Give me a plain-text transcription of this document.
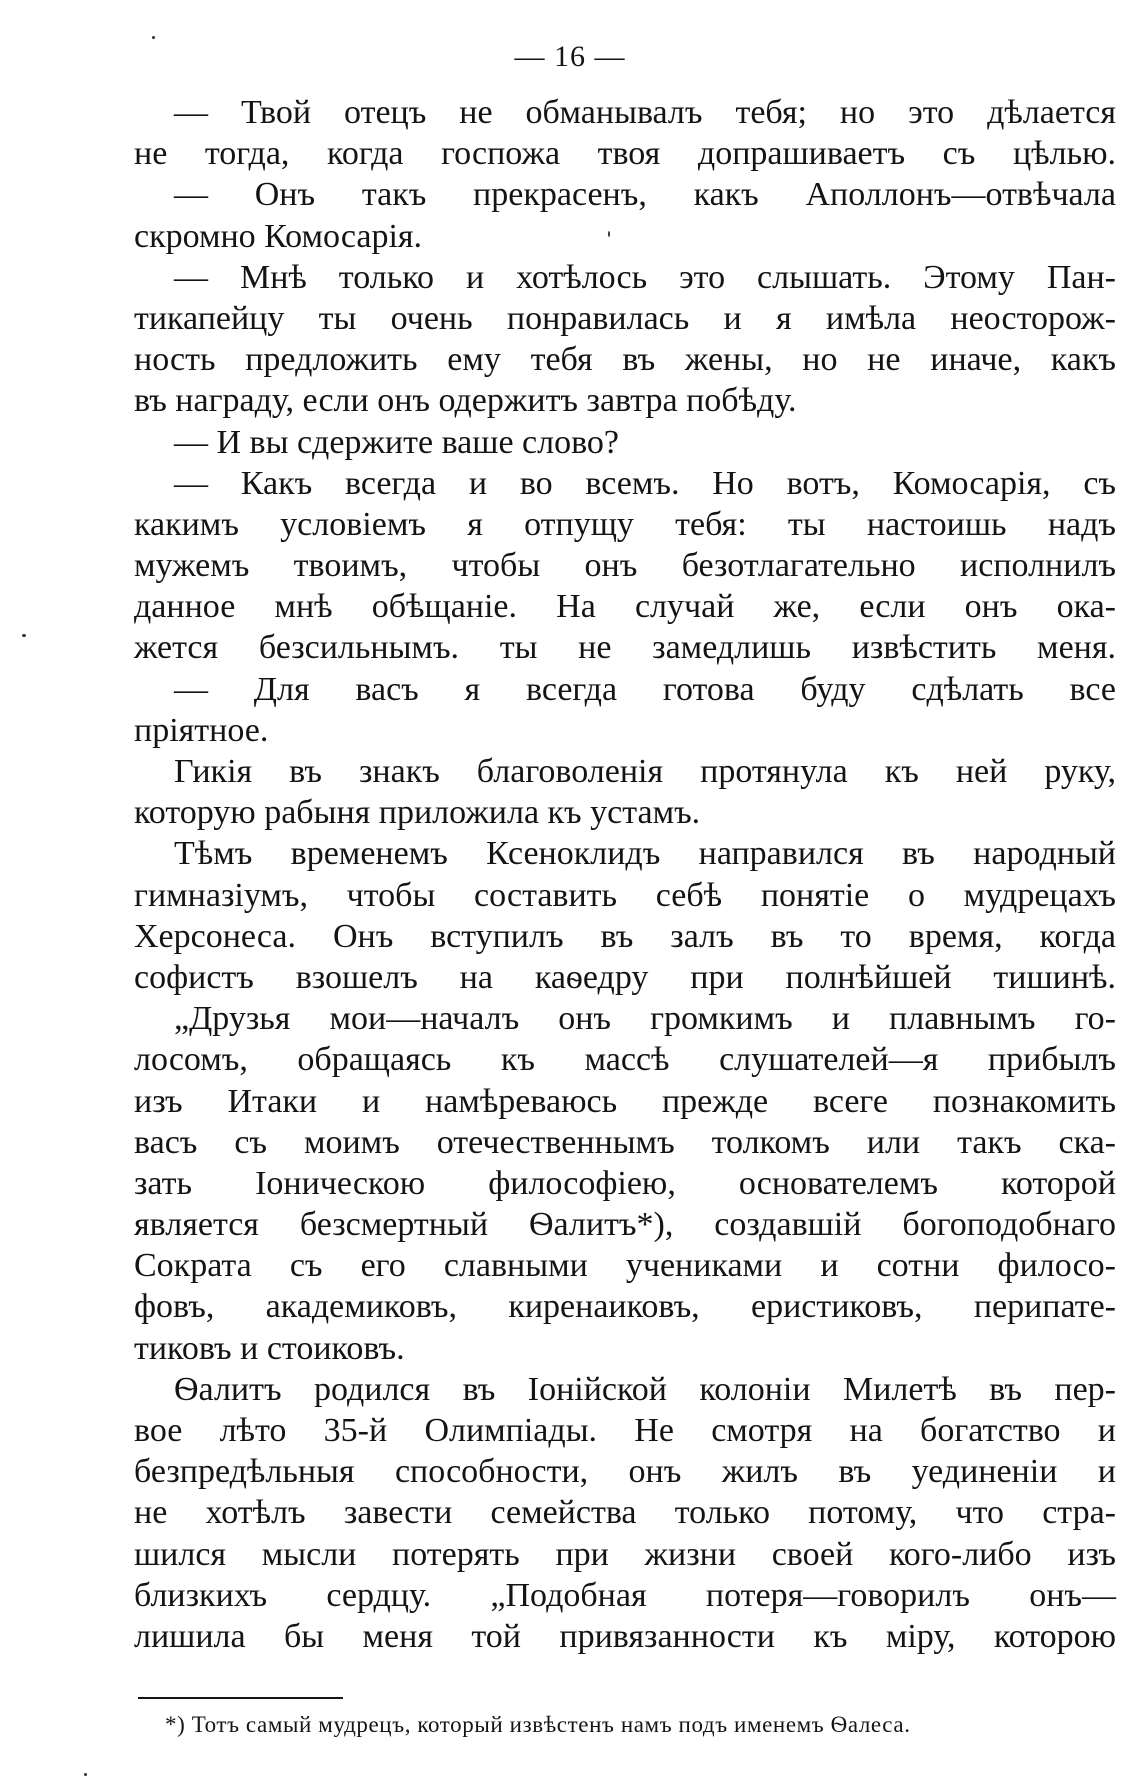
— 16 —
— Твой отецъ не обманывалъ тебя; но это дѣлается
не тогда, когда госпожа твоя допрашиваетъ съ цѣлью.
— Онъ такъ прекрасенъ, какъ Аполлонъ—отвѣчала
скромно Комосарія.
— Мнѣ только и хотѣлось это слышать. Этому Пан-
тикапейцу ты очень понравилась и я имѣла неосторож-
ность предложить ему тебя въ жены, но не иначе, какъ
въ награду, если онъ одержитъ завтра побѣду.
— И вы сдержите ваше слово?
— Какъ всегда и во всемъ. Но вотъ, Комосарія, съ
какимъ условіемъ я отпущу тебя: ты настоишь надъ
мужемъ твоимъ, чтобы онъ безотлагательно исполнилъ
данное мнѣ обѣщаніе. На случай же, если онъ ока-
жется безсильнымъ. ты не замедлишь извѣстить меня.
— Для васъ я всегда готова буду сдѣлать все
пріятное.
Гикія въ знакъ благоволенія протянула къ ней руку,
которую рабыня приложила къ устамъ.
Тѣмъ временемъ Ксеноклидъ направился въ народный
гимназіумъ, чтобы составить себѣ понятіе о мудрецахъ
Херсонеса. Онъ вступилъ въ залъ въ то время, когда
софистъ взошелъ на каѳедру при полнѣйшей тишинѣ.
„Друзья мои—началъ онъ громкимъ и плавнымъ го-
лосомъ, обращаясь къ массѣ слушателей—я прибылъ
изъ Итаки и намѣреваюсь прежде всеге познакомить
васъ съ моимъ отечественнымъ толкомъ или такъ ска-
зать Іоническою философіею, основателемъ которой
является безсмертный Ѳалитъ*), создавшій богоподобнаго
Сократа съ его славными учениками и сотни филосо-
фовъ, академиковъ, киренаиковъ, еристиковъ, перипате-
тиковъ и стоиковъ.
Ѳалитъ родился въ Іонійской колоніи Милетѣ въ пер-
вое лѣто 35-й Олимпіады. Не смотря на богатство и
безпредѣльныя способности, онъ жилъ въ уединеніи и
не хотѣлъ завести семейства только потому, что стра-
шился мысли потерять при жизни своей кого-либо изъ
близкихъ сердцу. „Подобная потеря—говорилъ онъ—
лишила бы меня той привязанности къ міру, которою
*) Тотъ самый мудрецъ, который извѣстенъ намъ подъ именемъ Ѳалеса.
